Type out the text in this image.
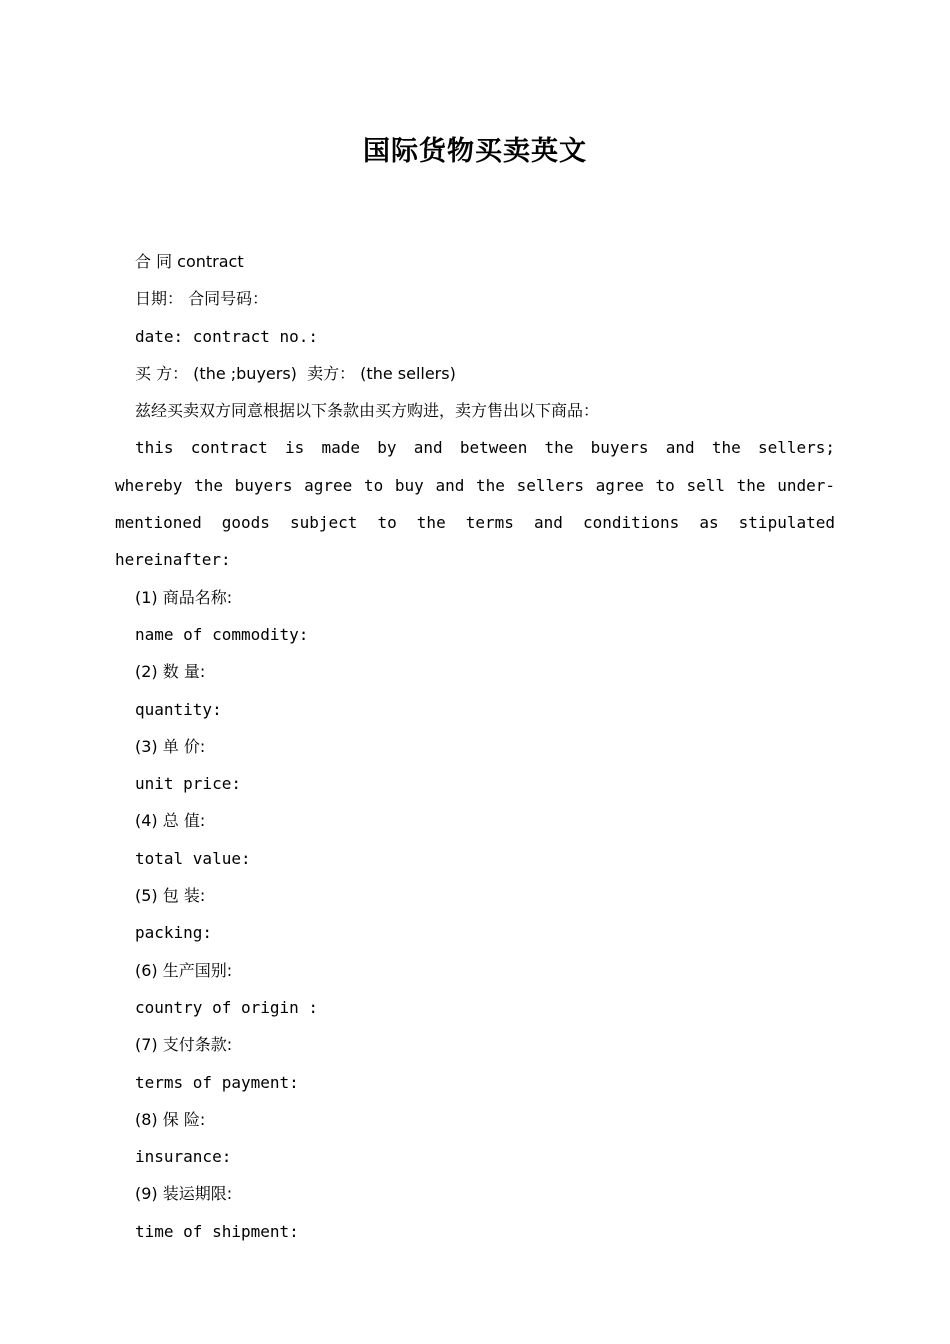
国际货物买卖英文
合 同 contract
日期： 合同号码：
date: contract no.:
买 方： (the ;buyers)  卖方： (the sellers)
兹经买卖双方同意根据以下条款由买方购进，卖方售出以下商品：
this contract is made by and between the buyers and the sellers; whereby the buyers agree to buy and the sellers agree to sell the under-mentioned goods subject to the terms and conditions as stipulated hereinafter:
(1) 商品名称:
name of commodity:
(2) 数 量:
quantity:
(3) 单 价:
unit price:
(4) 总 值:
total value:
(5) 包 装:
packing:
(6) 生产国别:
country of origin :
(7) 支付条款:
terms of payment:
(8) 保 险:
insurance:
(9) 装运期限:
time of shipment:
